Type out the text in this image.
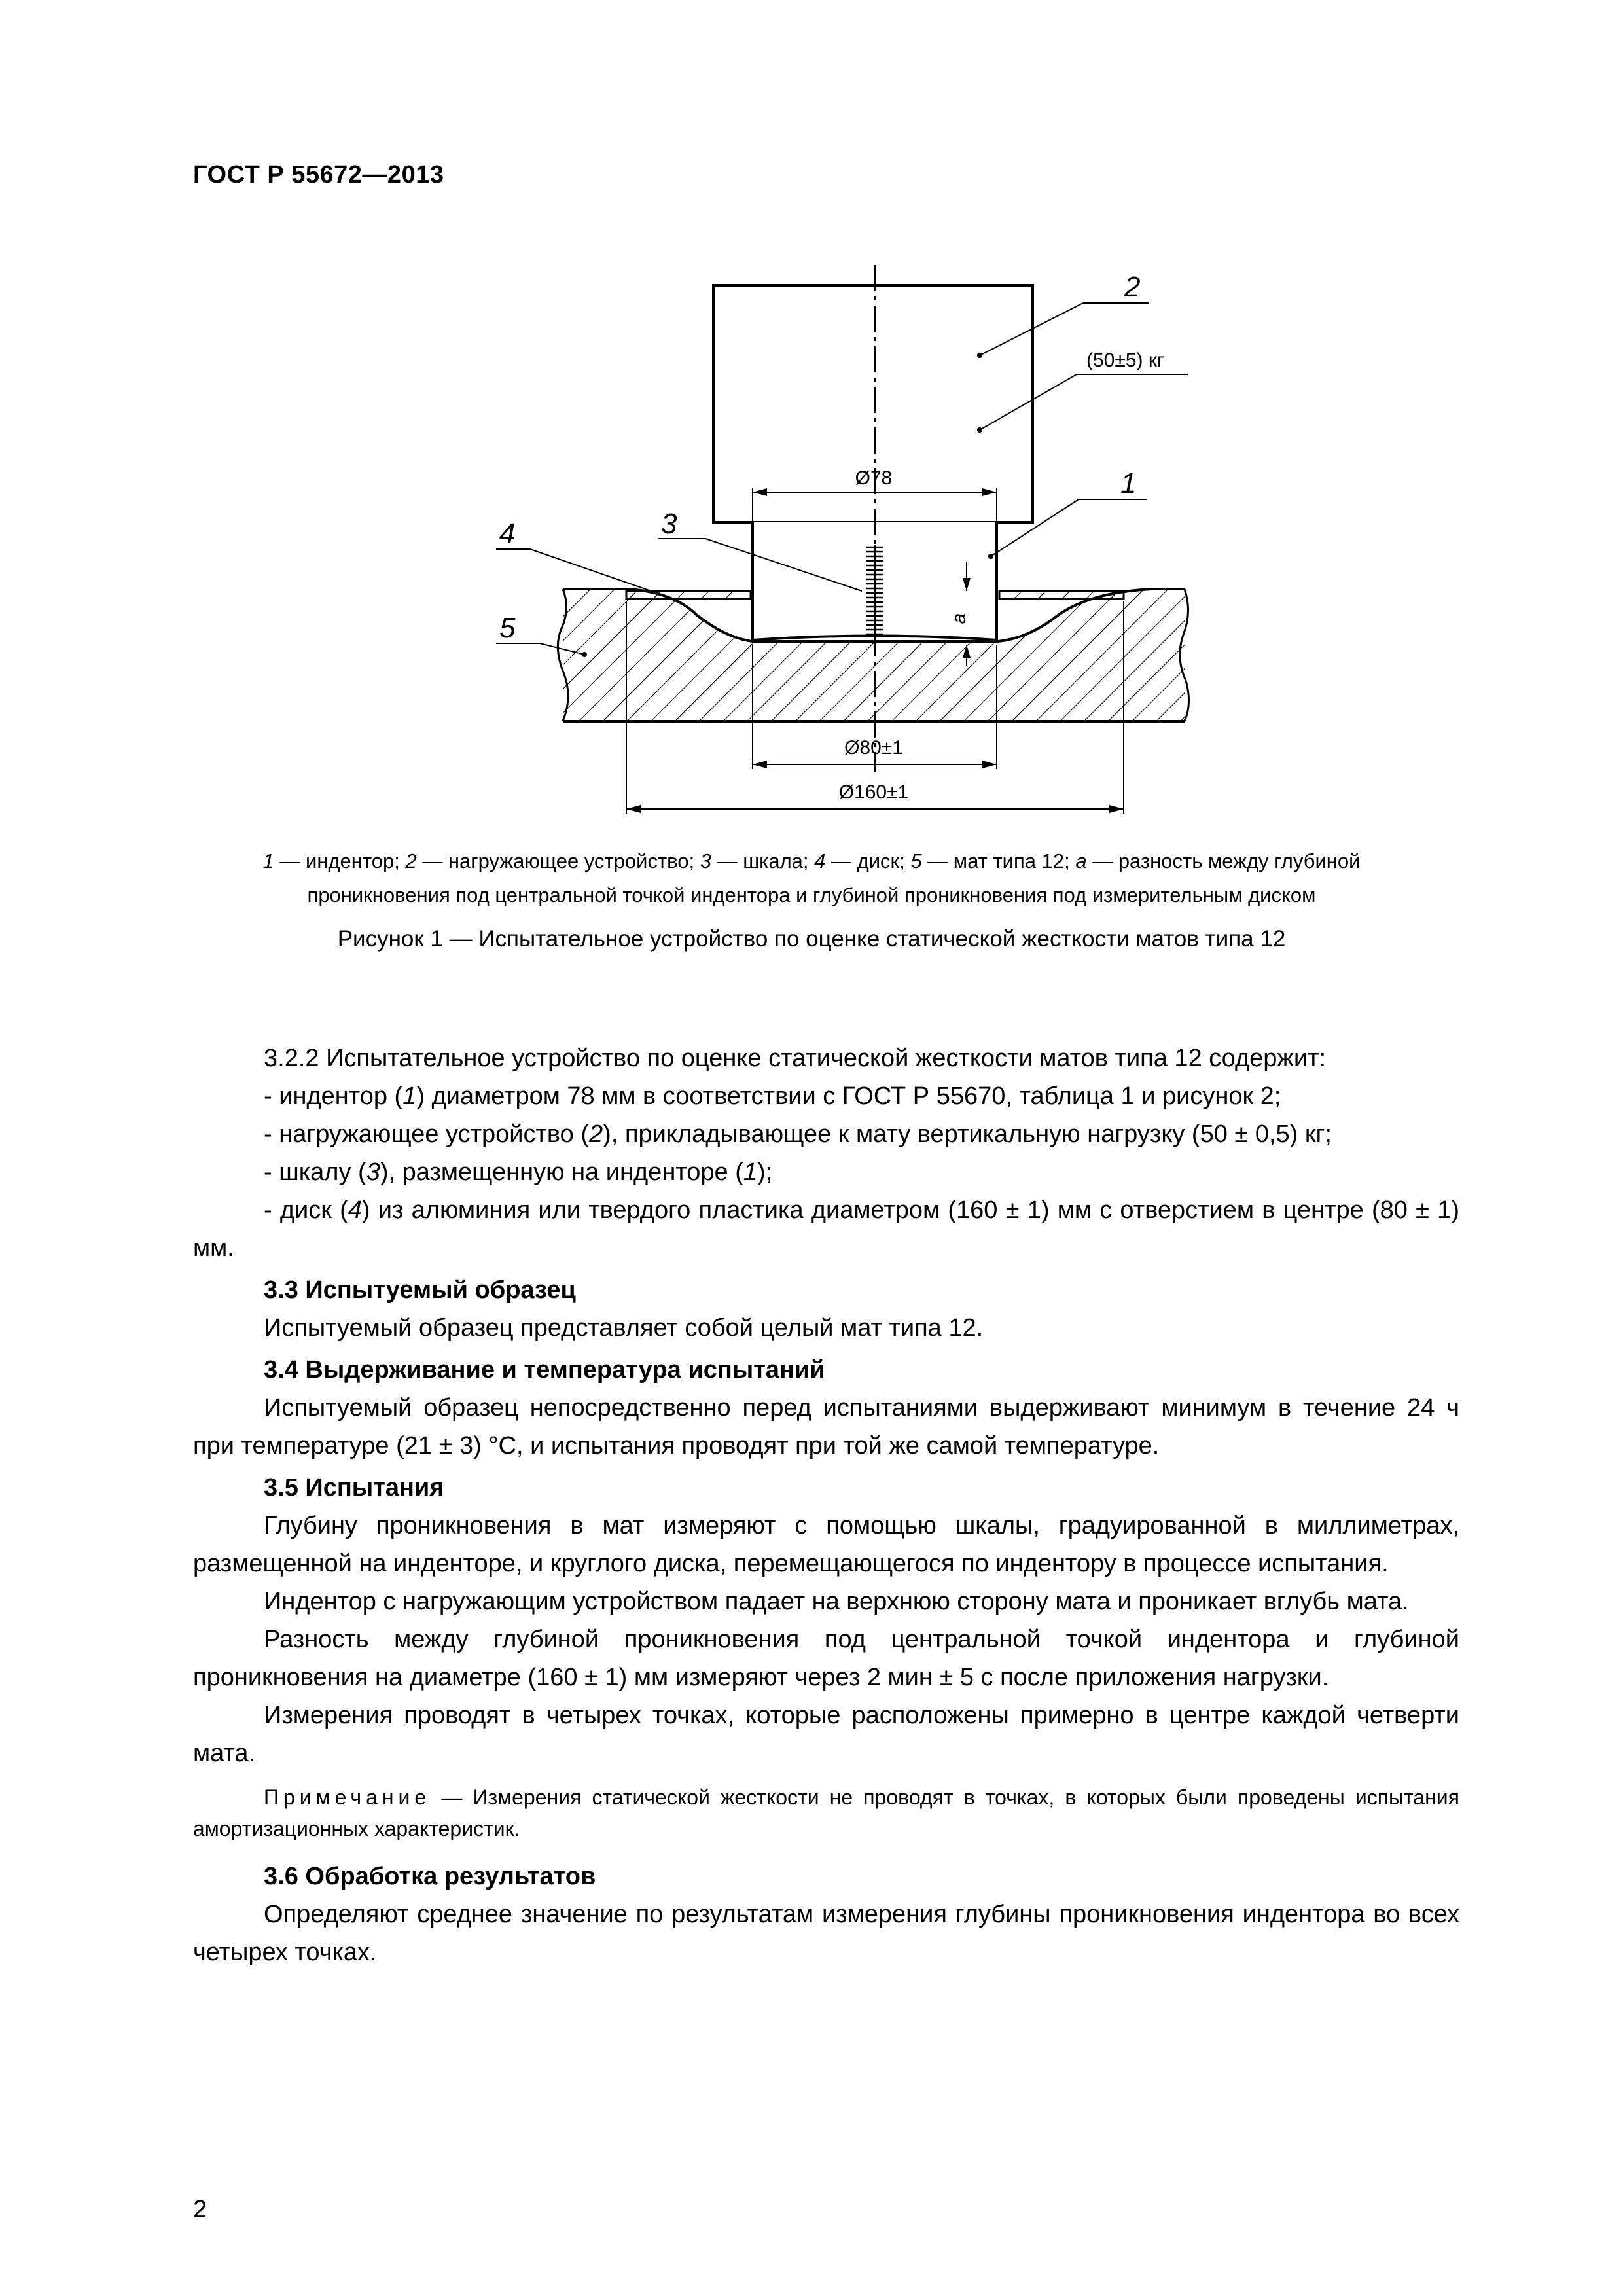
ГОСТ Р 55672—2013
Ø78
Ø80±1
Ø160±1
a
2
(50±5) кг
1
3
4
5
1 — индентор; 2 — нагружающее устройство; 3 — шкала; 4 — диск; 5 — мат типа 12; a — разность между глубиной проникновения под центральной точкой индентора и глубиной проникновения под измерительным диском
Рисунок 1 — Испытательное устройство по оценке статической жесткости матов типа 12

3.2.2 Испытательное устройство по оценке статической жесткости матов типа 12 содержит:

- индентор (1) диаметром 78 мм в соответствии с ГОСТ Р 55670, таблица 1 и рисунок 2;

- нагружающее устройство (2), прикладывающее к мату вертикальную нагрузку (50 ± 0,5) кг;

- шкалу (3), размещенную на инденторе (1);

- диск (4) из алюминия или твердого пластика диаметром (160 ± 1) мм с отверстием в центре (80 ± 1) мм.

3.3 Испытуемый образец

Испытуемый образец представляет собой целый мат типа 12.

3.4 Выдерживание и температура испытаний

Испытуемый образец непосредственно перед испытаниями выдерживают минимум в течение 24 ч при температуре (21 ± 3) °С, и испытания проводят при той же самой температуре.

3.5 Испытания

Глубину проникновения в мат измеряют с помощью шкалы, градуированной в миллиметрах, размещенной на инденторе, и круглого диска, перемещающегося по индентору в процессе испытания.

Индентор с нагружающим устройством падает на верхнюю сторону мата и проникает вглубь мата.

Разность между глубиной проникновения под центральной точкой индентора и глубиной проникновения на диаметре (160 ± 1) мм измеряют через 2 мин ± 5 с после приложения нагрузки.

Измерения проводят в четырех точках, которые расположены примерно в центре каждой четверти мата.

Примечание — Измерения статической жесткости не проводят в точках, в которых были проведены испытания амортизационных характеристик.

3.6 Обработка результатов

Определяют среднее значение по результатам измерения глубины проникновения индентора во всех четырех точках.

2
